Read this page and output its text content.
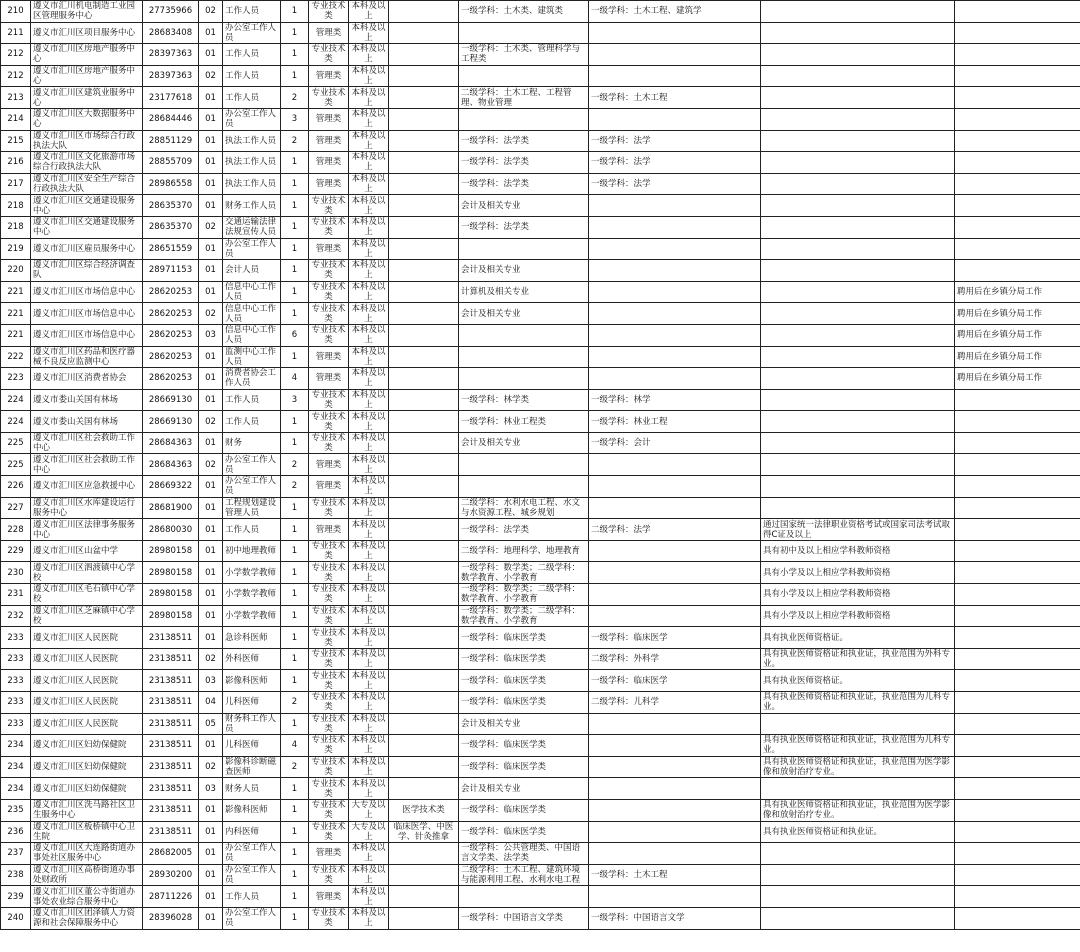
210	遵义市汇川机电制造工业园区管理服务中心	27735966	02	工作人员	1	专业技术类	本科及以上		一级学科：土木类、建筑类	一级学科：土木工程、建筑学		
211	遵义市汇川区项目服务中心	28683408	01	办公室工作人员	1	管理类	本科及以上					
212	遵义市汇川区房地产服务中心	28397363	01	工作人员	1	专业技术类	本科及以上		一级学科：土木类、管理科学与工程类			
212	遵义市汇川区房地产服务中心	28397363	02	工作人员	1	管理类	本科及以上					
213	遵义市汇川区建筑业服务中心	23177618	01	工作人员	2	专业技术类	本科及以上		二级学科：土木工程、工程管理、物业管理	一级学科：土木工程		
214	遵义市汇川区大数据服务中心	28684446	01	办公室工作人员	3	管理类	本科及以上					
215	遵义市汇川区市场综合行政执法大队	28851129	01	执法工作人员	2	管理类	本科及以上		一级学科：法学类	一级学科：法学		
216	遵义市汇川区文化旅游市场综合行政执法大队	28855709	01	执法工作人员	1	管理类	本科及以上		一级学科：法学类	一级学科：法学		
217	遵义市汇川区安全生产综合行政执法大队	28986558	01	执法工作人员	1	管理类	本科及以上		一级学科：法学类	一级学科：法学		
218	遵义市汇川区交通建设服务中心	28635370	01	财务工作人员	1	专业技术类	本科及以上		会计及相关专业			
218	遵义市汇川区交通建设服务中心	28635370	02	交通运输法律法规宣传人员	1	专业技术类	本科及以上		一级学科：法学类			
219	遵义市汇川区雇员服务中心	28651559	01	办公室工作人员	1	管理类	本科及以上					
220	遵义市汇川区综合经济调查队	28971153	01	会计人员	1	专业技术类	本科及以上		会计及相关专业			
221	遵义市汇川区市场信息中心	28620253	01	信息中心工作人员	1	专业技术类	本科及以上		计算机及相关专业			聘用后在乡镇分局工作
221	遵义市汇川区市场信息中心	28620253	02	信息中心工作人员	1	专业技术类	本科及以上		会计及相关专业			聘用后在乡镇分局工作
221	遵义市汇川区市场信息中心	28620253	03	信息中心工作人员	6	专业技术类	本科及以上					聘用后在乡镇分局工作
222	遵义市汇川区药品和医疗器械不良反应监测中心	28620253	01	监测中心工作人员	1	管理类	本科及以上					聘用后在乡镇分局工作
223	遵义市汇川区消费者协会	28620253	01	消费者协会工作人员	4	管理类	本科及以上					聘用后在乡镇分局工作
224	遵义市娄山关国有林场	28669130	01	工作人员	3	专业技术类	本科及以上		一级学科：林学类	一级学科：林学		
224	遵义市娄山关国有林场	28669130	02	工作人员	1	专业技术类	本科及以上		一级学科：林业工程类	一级学科：林业工程		
225	遵义市汇川区社会救助工作中心	28684363	01	财务	1	专业技术类	本科及以上		会计及相关专业	一级学科：会计		
225	遵义市汇川区社会救助工作中心	28684363	02	办公室工作人员	2	管理类	本科及以上					
226	遵义市汇川区应急救援中心	28669322	01	办公室工作人员	2	管理类	本科及以上					
227	遵义市汇川区水库建设运行服务中心	28681900	01	工程规划建设管理人员	1	专业技术类	本科及以上		二级学科：水利水电工程、水文与水资源工程、城乡规划			
228	遵义市汇川区法律事务服务中心	28680030	01	工作人员	1	管理类	本科及以上		一级学科：法学类	二级学科：法学	通过国家统一法律职业资格考试或国家司法考试取得C证及以上	
229	遵义市汇川区山盆中学	28980158	01	初中地理教师	1	专业技术类	本科及以上		二级学科：地理科学、地理教育		具有初中及以上相应学科教师资格	
230	遵义市汇川区泗渡镇中心学校	28980158	01	小学数学教师	1	专业技术类	本科及以上		一级学科：数学类；二级学科：数学教育、小学教育		具有小学及以上相应学科教师资格	
231	遵义市汇川区毛石镇中心学校	28980158	01	小学数学教师	1	专业技术类	本科及以上		一级学科：数学类；二级学科：数学教育、小学教育		具有小学及以上相应学科教师资格	
232	遵义市汇川区芝麻镇中心学校	28980158	01	小学数学教师	1	专业技术类	本科及以上		一级学科：数学类；二级学科：数学教育、小学教育		具有小学及以上相应学科教师资格	
233	遵义市汇川区人民医院	23138511	01	急诊科医师	1	专业技术类	本科及以上		一级学科：临床医学类	一级学科：临床医学	具有执业医师资格证。	
233	遵义市汇川区人民医院	23138511	02	外科医师	1	专业技术类	本科及以上		一级学科：临床医学类	二级学科：外科学	具有执业医师资格证和执业证，执业范围为外科专业。	
233	遵义市汇川区人民医院	23138511	03	影像科医师	1	专业技术类	本科及以上		一级学科：临床医学类	一级学科：临床医学	具有执业医师资格证。	
233	遵义市汇川区人民医院	23138511	04	儿科医师	2	专业技术类	本科及以上		一级学科：临床医学类	二级学科：儿科学	具有执业医师资格证和执业证，执业范围为儿科专业。	
233	遵义市汇川区人民医院	23138511	05	财务科工作人员	1	专业技术类	本科及以上		会计及相关专业			
234	遵义市汇川区妇幼保健院	23138511	01	儿科医师	4	专业技术类	本科及以上		一级学科：临床医学类		具有执业医师资格证和执业证，执业范围为儿科专业。	
234	遵义市汇川区妇幼保健院	23138511	02	影像科诊断磁查医师	2	专业技术类	本科及以上		一级学科：临床医学类		具有执业医师资格证和执业证，执业范围为医学影像和放射治疗专业。	
234	遵义市汇川区妇幼保健院	23138511	03	财务人员	1	专业技术类	本科及以上		会计及相关专业			
235	遵义市汇川区洗马路社区卫生服务中心	23138511	01	影像科医师	1	专业技术类	大专及以上	医学技术类	一级学科：临床医学类		具有执业医师资格证和执业证，执业范围为医学影像和放射治疗专业。	
236	遵义市汇川区板桥镇中心卫生院	23138511	01	内科医师	1	专业技术类	大专及以上	临床医学、中医学、针灸推拿	一级学科：临床医学类		具有执业医师资格证和执业证。	
237	遵义市汇川区大连路街道办事处社区服务中心	28682005	01	办公室工作人员	1	管理类	本科及以上		一级学科：公共管理类、中国语言文学类、法学类			
238	遵义市汇川区高桥街道办事处财政所	28930200	01	办公室工作人员	1	专业技术类	本科及以上		二级学科：土木工程、建筑环境与能源利用工程、水利水电工程	一级学科：土木工程		
239	遵义市汇川区董公寺街道办事处农业综合服务中心	28711226	01	工作人员	1	管理类	本科及以上					
240	遵义市汇川区团泽镇人力资源和社会保障服务中心	28396028	01	办公室工作人员	1	专业技术类	本科及以上		一级学科：中国语言文学类	一级学科：中国语言文学		
